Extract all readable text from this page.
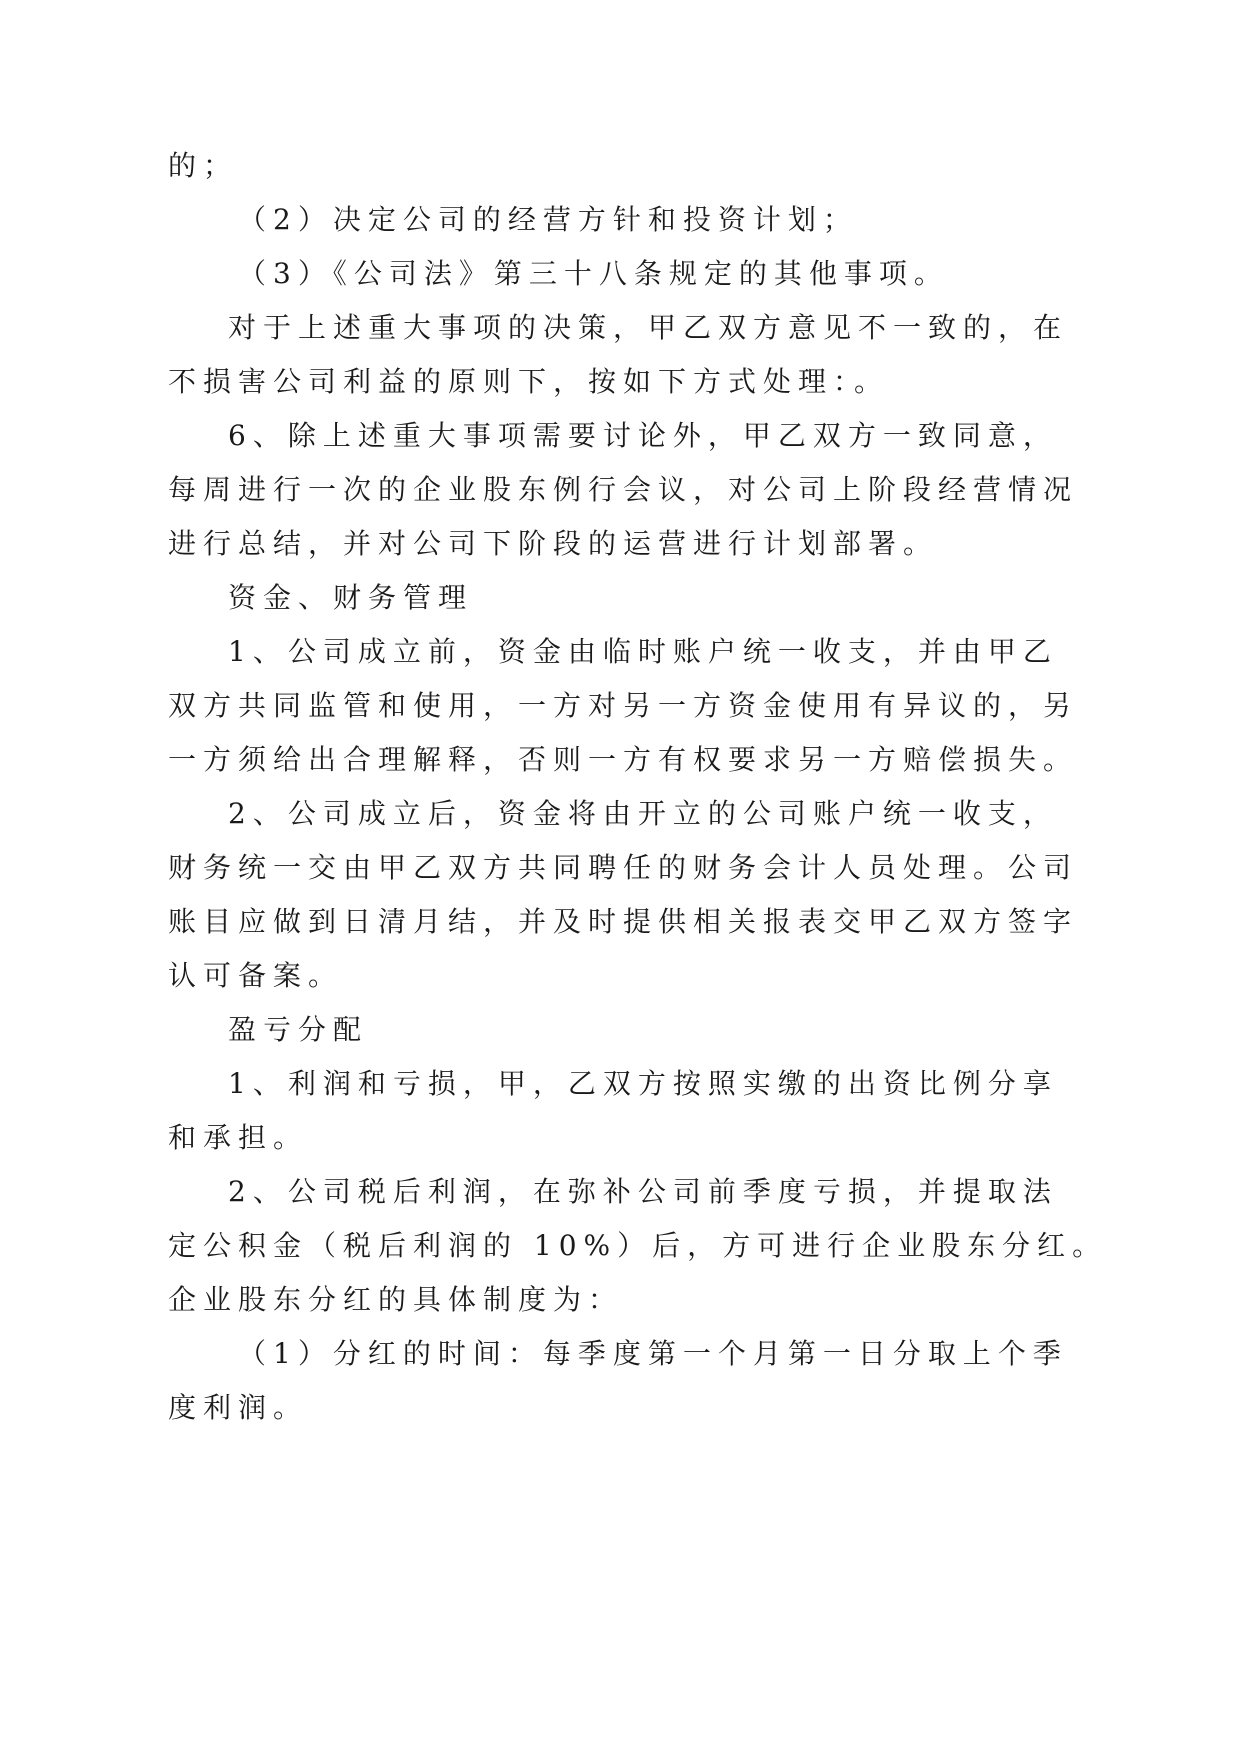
的；

（2）决定公司的经营方针和投资计划；

（3）《公司法》第三十八条规定的其他事项。

对于上述重大事项的决策，甲乙双方意见不一致的，在

不损害公司利益的原则下，按如下方式处理：。

6、除上述重大事项需要讨论外，甲乙双方一致同意，

每周进行一次的企业股东例行会议，对公司上阶段经营情况

进行总结，并对公司下阶段的运营进行计划部署。

资金、财务管理

1、公司成立前，资金由临时账户统一收支，并由甲乙

双方共同监管和使用，一方对另一方资金使用有异议的，另

一方须给出合理解释，否则一方有权要求另一方赔偿损失。

2、公司成立后，资金将由开立的公司账户统一收支，

财务统一交由甲乙双方共同聘任的财务会计人员处理。公司

账目应做到日清月结，并及时提供相关报表交甲乙双方签字

认可备案。

盈亏分配

1、利润和亏损，甲，乙双方按照实缴的出资比例分享

和承担。

2、公司税后利润，在弥补公司前季度亏损，并提取法

定公积金（税后利润的 10%）后，方可进行企业股东分红。

企业股东分红的具体制度为：

（1）分红的时间：每季度第一个月第一日分取上个季

度利润。
